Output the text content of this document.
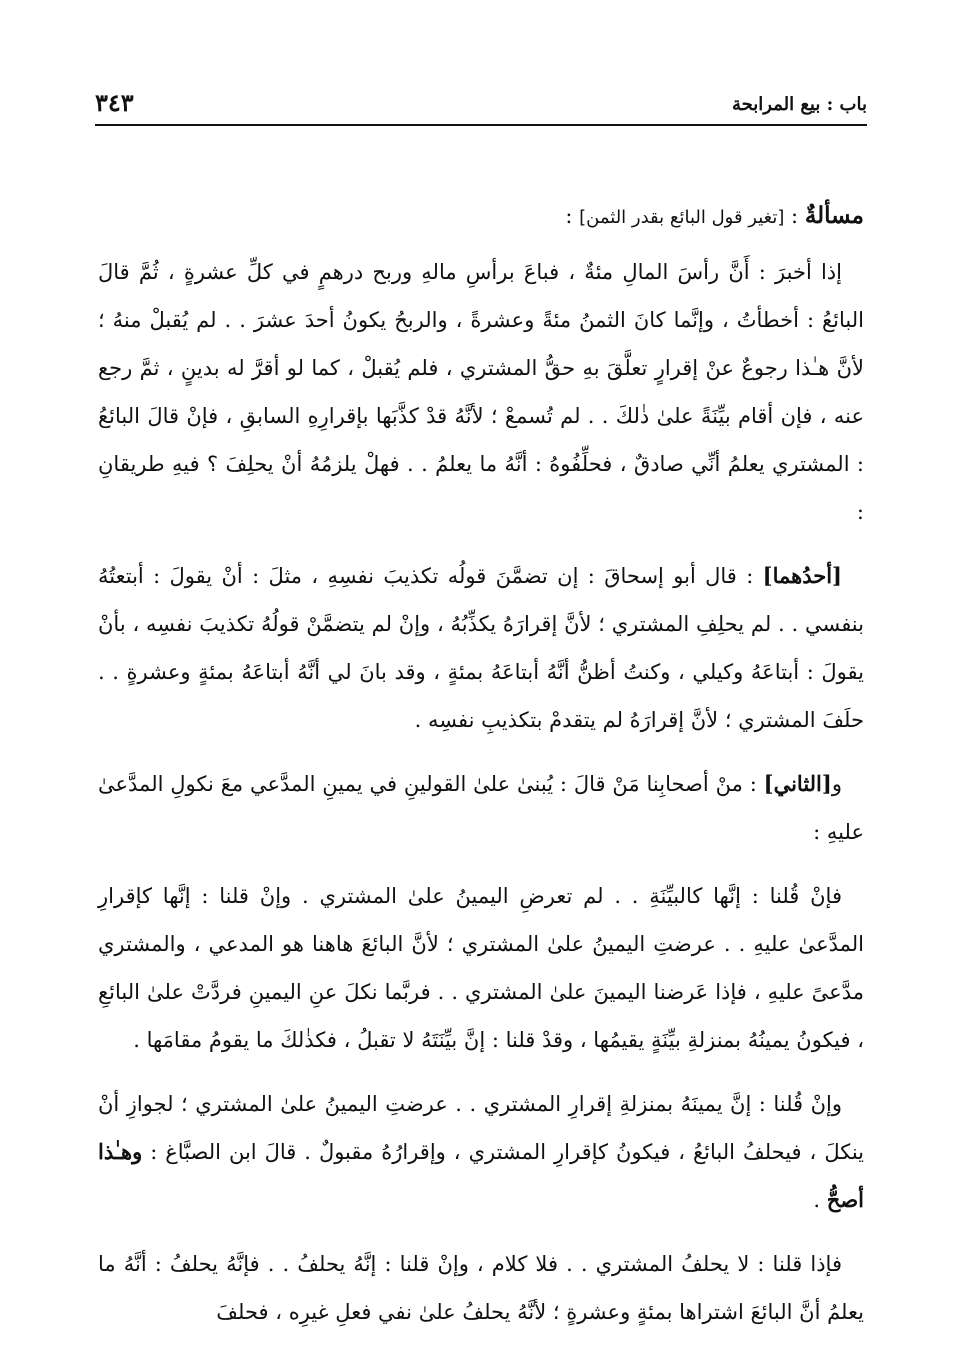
باب : بيع المرابحة
٣٤٣

مسألةٌ : [تغير قول البائع بقدر الثمن] :

إذا أخبرَ : أَنَّ رأسَ المالِ مئةٌ ، فباعَ برأسِ مالهِ وربح درهمٍ في كلِّ عشرةٍ ، ثُمَّ قالَ البائعُ : أخطأتُ ، وإنَّما كانَ الثمنُ مئةً وعشرةً ، والربحُ يكونُ أحدَ عشرَ . . لم يُقبلْ منهُ ؛ لأنَّ هـٰذا رجوعٌ عنْ إقرارٍ تعلَّقَ بهِ حقُّ المشتري ، فلم يُقبلْ ، كما لو أقرَّ له بدينٍ ، ثمَّ رجع عنه ، فإن أقام بيِّنَةً علىٰ ذٰلكَ . . لم تُسمعْ ؛ لأنَّهُ قدْ كذَّبَها بإقرارِهِ السابقِ ، فإنْ قالَ البائعُ : المشتري يعلمُ أنِّي صادقٌ ، فحلِّفُوهُ : أنَّهُ ما يعلمُ . . فهلْ يلزمُهُ أنْ يحلِفَ ؟ فيهِ طريقانِ :

[أحدُهما] : قال أبو إسحاقَ : إن تضمَّنَ قولُه تكذيبَ نفسِهِ ، مثلَ : أنْ يقولَ : أبتعتُهُ بنفسي . . لم يحلِفِ المشتري ؛ لأنَّ إقرارَهُ يكذِّبُهُ ، وإنْ لم يتضمَّنْ قولُهُ تكذيبَ نفسِه ، بأنْ يقولَ : أبتاعَهُ وكيلي ، وكنتُ أظنُّ أنَّهُ أبتاعَهُ بمئةٍ ، وقد بانَ لي أنَّهُ أبتاعَهُ بمئةٍ وعشرةٍ . . حلَفَ المشتري ؛ لأنَّ إقرارَهُ لم يتقدمْ بتكذيبِ نفسِه .

و[الثاني] : منْ أصحابِنا مَنْ قالَ : يُبنىٰ علىٰ القولينِ في يمينِ المدَّعي معَ نكولِ المدَّعىٰ عليهِ :

فإنْ قُلنا : إنَّها كالبيِّنَةِ . . لم تعرضِ اليمينُ علىٰ المشتري . وإنْ قلنا : إنَّها كإقرارِ المدَّعىٰ عليهِ . . عرضتِ اليمينُ علىٰ المشتري ؛ لأنَّ البائعَ هاهنا هو المدعي ، والمشتري مدَّعىً عليهِ ، فإذا عَرضنا اليمينَ علىٰ المشتري . . فربَّما نكلَ عنِ اليمينِ فردَّتْ علىٰ البائعِ ، فيكونُ يمينُهُ بمنزلةِ بيِّنَةٍ يقيمُها ، وقدْ قلنا : إنَّ بيِّنَتَهُ لا تقبلُ ، فكذٰلكَ ما يقومُ مقامَها .

وإنْ قُلنا : إنَّ يمينَهُ بمنزلةِ إقرارِ المشتري . . عرضتِ اليمينُ علىٰ المشتري ؛ لجوازِ أنْ ينكلَ ، فيحلفُ البائعُ ، فيكونُ كإقرارِ المشتري ، وإقرارُهُ مقبولٌ . قالَ ابن الصبَّاغ : وهـٰذا أصحُّ .

فإذا قلنا : لا يحلفُ المشتري . . فلا كلام ، وإنْ قلنا : إنَّهُ يحلفُ . . فإنَّهُ يحلفُ : أنَّهُ ما يعلمُ أنَّ البائعَ اشتراها بمئةٍ وعشرةٍ ؛ لأنَّهُ يحلفُ علىٰ نفي فعلِ غيرِه ، فحلفَ
